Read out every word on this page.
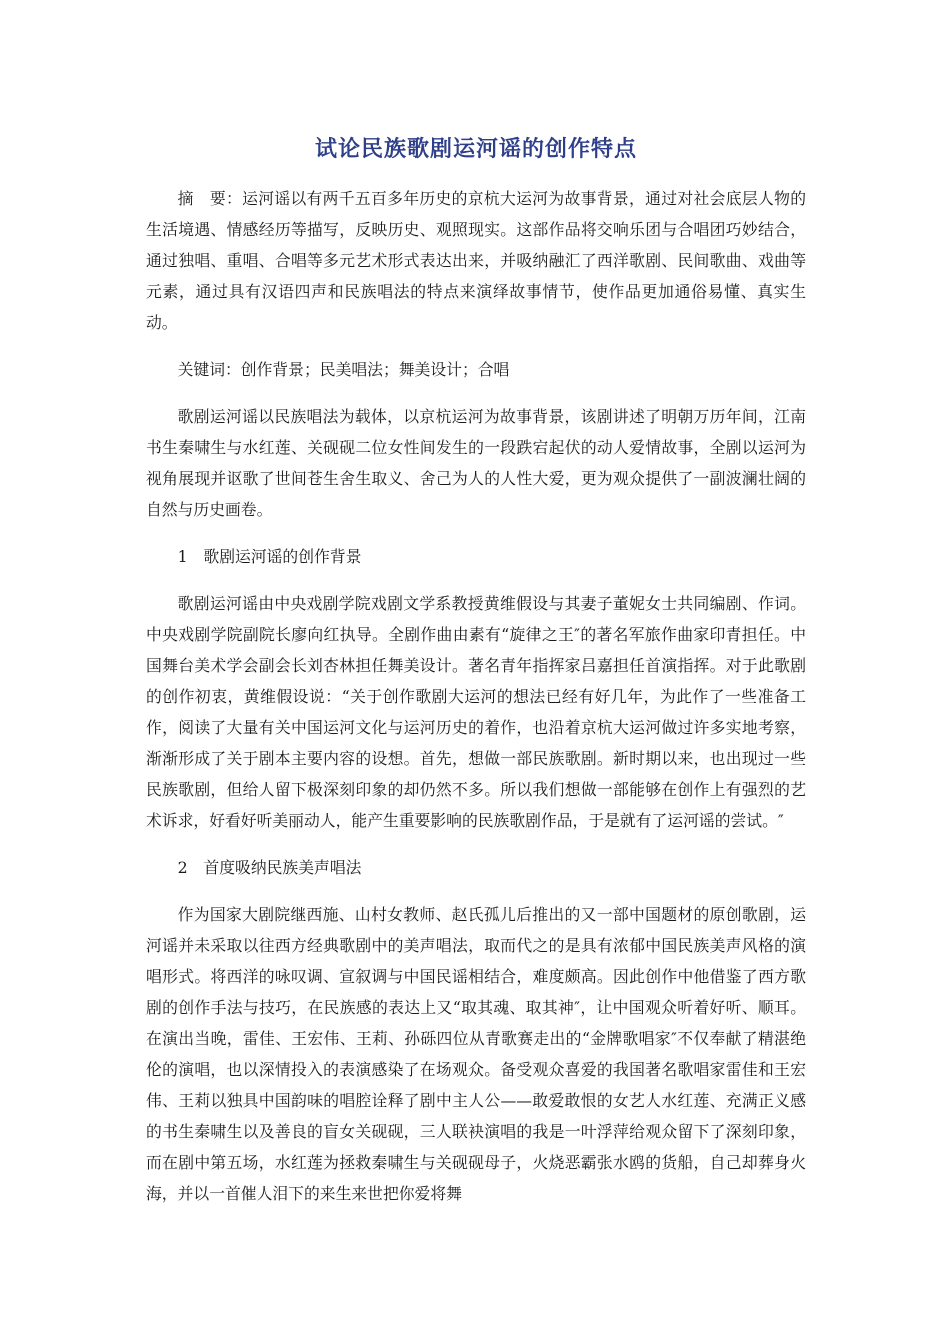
试论民族歌剧运河谣的创作特点

摘　要：运河谣以有两千五百多年历史的京杭大运河为故事背景，通过对社会底层人物的生活境遇、情感经历等描写，反映历史、观照现实。这部作品将交响乐团与合唱团巧妙结合，通过独唱、重唱、合唱等多元艺术形式表达出来，并吸纳融汇了西洋歌剧、民间歌曲、戏曲等元素，通过具有汉语四声和民族唱法的特点来演绎故事情节，使作品更加通俗易懂、真实生动。

关键词：创作背景；民美唱法；舞美设计；合唱

歌剧运河谣以民族唱法为载体，以京杭运河为故事背景，该剧讲述了明朝万历年间，江南书生秦啸生与水红莲、关砚砚二位女性间发生的一段跌宕起伏的动人爱情故事，全剧以运河为视角展现并讴歌了世间苍生舍生取义、舍己为人的人性大爱，更为观众提供了一副波澜壮阔的自然与历史画卷。

1　歌剧运河谣的创作背景

歌剧运河谣由中央戏剧学院戏剧文学系教授黄维假设与其妻子董妮女士共同编剧、作词。中央戏剧学院副院长廖向红执导。全剧作曲由素有“旋律之王″的著名军旅作曲家印青担任。中国舞台美术学会副会长刘杏林担任舞美设计。著名青年指挥家吕嘉担任首演指挥。对于此歌剧的创作初衷，黄维假设说：“关于创作歌剧大运河的想法已经有好几年，为此作了一些准备工作，阅读了大量有关中国运河文化与运河历史的着作，也沿着京杭大运河做过许多实地考察，渐渐形成了关于剧本主要内容的设想。首先，想做一部民族歌剧。新时期以来，也出现过一些民族歌剧，但给人留下极深刻印象的却仍然不多。所以我们想做一部能够在创作上有强烈的艺术诉求，好看好听美丽动人，能产生重要影响的民族歌剧作品，于是就有了运河谣的尝试。″

2　首度吸纳民族美声唱法

作为国家大剧院继西施、山村女教师、赵氏孤儿后推出的又一部中国题材的原创歌剧，运河谣并未采取以往西方经典歌剧中的美声唱法，取而代之的是具有浓郁中国民族美声风格的演唱形式。将西洋的咏叹调、宣叙调与中国民谣相结合，难度颇高。因此创作中他借鉴了西方歌剧的创作手法与技巧，在民族感的表达上又“取其魂、取其神″，让中国观众听着好听、顺耳。在演出当晚，雷佳、王宏伟、王莉、孙砾四位从青歌赛走出的“金牌歌唱家″不仅奉献了精湛绝伦的演唱，也以深情投入的表演感染了在场观众。备受观众喜爱的我国著名歌唱家雷佳和王宏伟、王莉以独具中国韵味的唱腔诠释了剧中主人公——敢爱敢恨的女艺人水红莲、充满正义感的书生秦啸生以及善良的盲女关砚砚，三人联袂演唱的我是一叶浮萍给观众留下了深刻印象，而在剧中第五场，水红莲为拯救秦啸生与关砚砚母子，火烧恶霸张水鸥的货船，自己却葬身火海，并以一首催人泪下的来生来世把你爱将舞
